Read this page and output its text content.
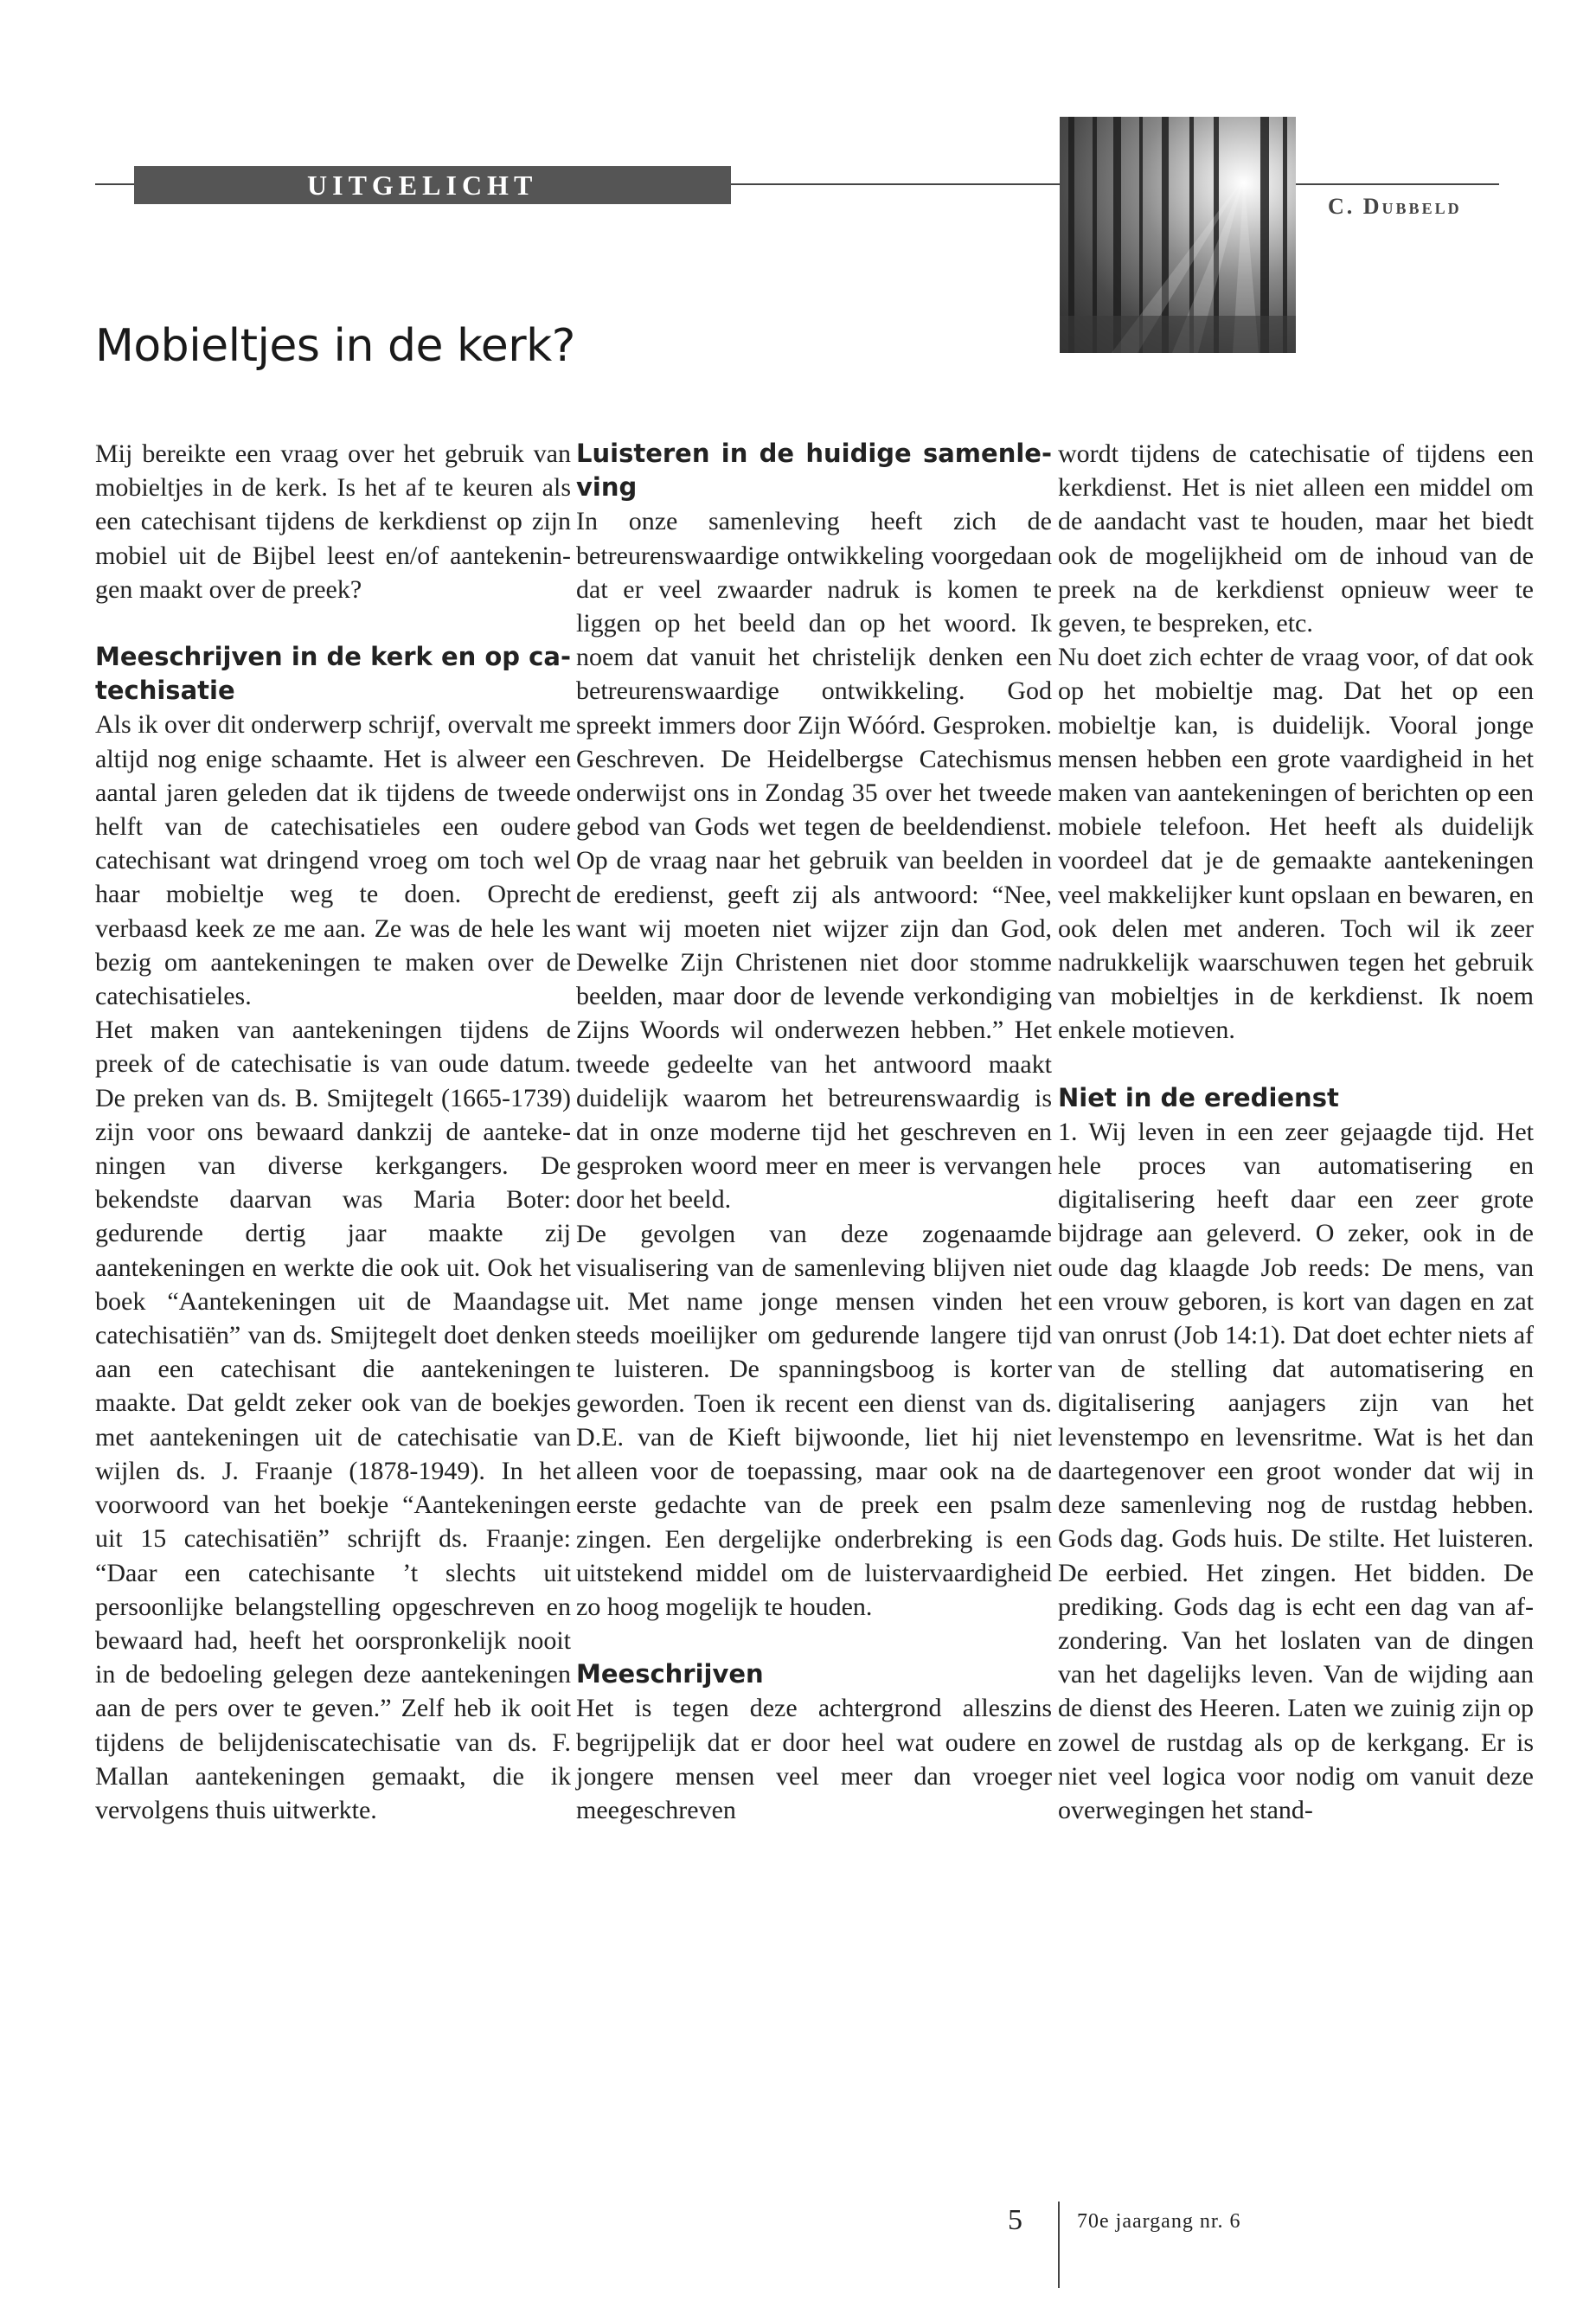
UITGELICHT
C. Dubbeld
Mobieltjes in de kerk?

Mij bereikte een vraag over het gebruik van mobieltjes in de kerk. Is het af te keuren als een catechisant tijdens de kerkdienst op zijn mobiel uit de Bijbel leest en/of aantekeningen maakt over de preek?

Meeschrijven in de kerk en op catechisatie

Als ik over dit onderwerp schrijf, overvalt me altijd nog enige schaamte. Het is alweer een aantal jaren geleden dat ik tijdens de tweede helft van de catechisatieles een oudere catechisant wat dringend vroeg om toch wel haar mobieltje weg te doen. Oprecht verbaasd keek ze me aan. Ze was de hele les bezig om aantekeningen te maken over de catechisatieles.

Het maken van aantekeningen tijdens de preek of de catechisatie is van oude datum. De preken van ds. B. Smijtegelt (1665-1739) zijn voor ons bewaard dankzij de aantekeningen van diverse kerkgangers. De bekendste daarvan was Maria Boter: gedurende dertig jaar maakte zij aantekeningen en werkte die ook uit. Ook het boek “Aantekeningen uit de Maandagse catechisatiën” van ds. Smijtegelt doet denken aan een catechisant die aantekeningen maakte. Dat geldt zeker ook van de boekjes met aantekeningen uit de catechisatie van wijlen ds. J. Fraanje (1878-1949). In het voorwoord van het boekje “Aantekeningen uit 15 catechisatiën” schrijft ds. Fraanje: “Daar een catechisante ’t slechts uit persoonlijke belangstelling opgeschreven en bewaard had, heeft het oorspronkelijk nooit in de bedoeling gelegen deze aantekeningen aan de pers over te geven.” Zelf heb ik ooit tijdens de belijdeniscatechisatie van ds. F. Mallan aantekeningen gemaakt, die ik vervolgens thuis uitwerkte.

Luisteren in de huidige samenleving

In onze samenleving heeft zich de betreurenswaardige ontwikkeling voorgedaan dat er veel zwaarder nadruk is komen te liggen op het beeld dan op het woord. Ik noem dat vanuit het christelijk denken een betreurenswaardige ontwikkeling. God spreekt immers door Zijn Wóórd. Gesproken. Geschreven. De Heidelbergse Catechismus onderwijst ons in Zondag 35 over het tweede gebod van Gods wet tegen de beeldendienst. Op de vraag naar het gebruik van beelden in de eredienst, geeft zij als antwoord: “Nee, want wij moeten niet wijzer zijn dan God, Dewelke Zijn Christenen niet door stomme beelden, maar door de levende verkondiging Zijns Woords wil onderwezen hebben.” Het tweede gedeelte van het antwoord maakt duidelijk waarom het betreurenswaardig is dat in onze moderne tijd het geschreven en gesproken woord meer en meer is vervangen door het beeld.

De gevolgen van deze zogenaamde visualisering van de samenleving blijven niet uit. Met name jonge mensen vinden het steeds moeilijker om gedurende langere tijd te luisteren. De spanningsboog is korter geworden. Toen ik recent een dienst van ds. D.E. van de Kieft bijwoonde, liet hij niet alleen voor de toepassing, maar ook na de eerste gedachte van de preek een psalm zingen. Een dergelijke onderbreking is een uitstekend middel om de luistervaardigheid zo hoog mogelijk te houden.

Meeschrijven

Het is tegen deze achtergrond alleszins begrijpelijk dat er door heel wat oudere en jongere mensen veel meer dan vroeger meegeschreven

wordt tijdens de catechisatie of tijdens een kerkdienst. Het is niet alleen een middel om de aandacht vast te houden, maar het biedt ook de mogelijkheid om de inhoud van de preek na de kerkdienst opnieuw weer te geven, te bespreken, etc.

Nu doet zich echter de vraag voor, of dat ook op het mobieltje mag. Dat het op een mobieltje kan, is duidelijk. Vooral jonge mensen hebben een grote vaardigheid in het maken van aantekeningen of berichten op een mobiele telefoon. Het heeft als duidelijk voordeel dat je de gemaakte aantekeningen veel makkelijker kunt opslaan en bewaren, en ook delen met anderen. Toch wil ik zeer nadrukkelijk waarschuwen tegen het gebruik van mobieltjes in de kerkdienst. Ik noem enkele motieven.

Niet in de eredienst

1. Wij leven in een zeer gejaagde tijd. Het hele proces van automatisering en digitalisering heeft daar een zeer grote bijdrage aan geleverd. O zeker, ook in de oude dag klaagde Job reeds: De mens, van een vrouw geboren, is kort van dagen en zat van onrust (Job 14:1). Dat doet echter niets af van de stelling dat automatisering en digitalisering aanjagers zijn van het levenstempo en levensritme. Wat is het dan daartegenover een groot wonder dat wij in deze samenleving nog de rustdag hebben. Gods dag. Gods huis. De stilte. Het luisteren. De eerbied. Het zingen. Het bidden. De prediking. Gods dag is echt een dag van afzondering. Van het loslaten van de dingen van het dagelijks leven. Van de wijding aan de dienst des Heeren. Laten we zuinig zijn op zowel de rustdag als op de kerkgang. Er is niet veel logica voor nodig om vanuit deze overwegingen het stand-

5	70e jaargang nr. 6
